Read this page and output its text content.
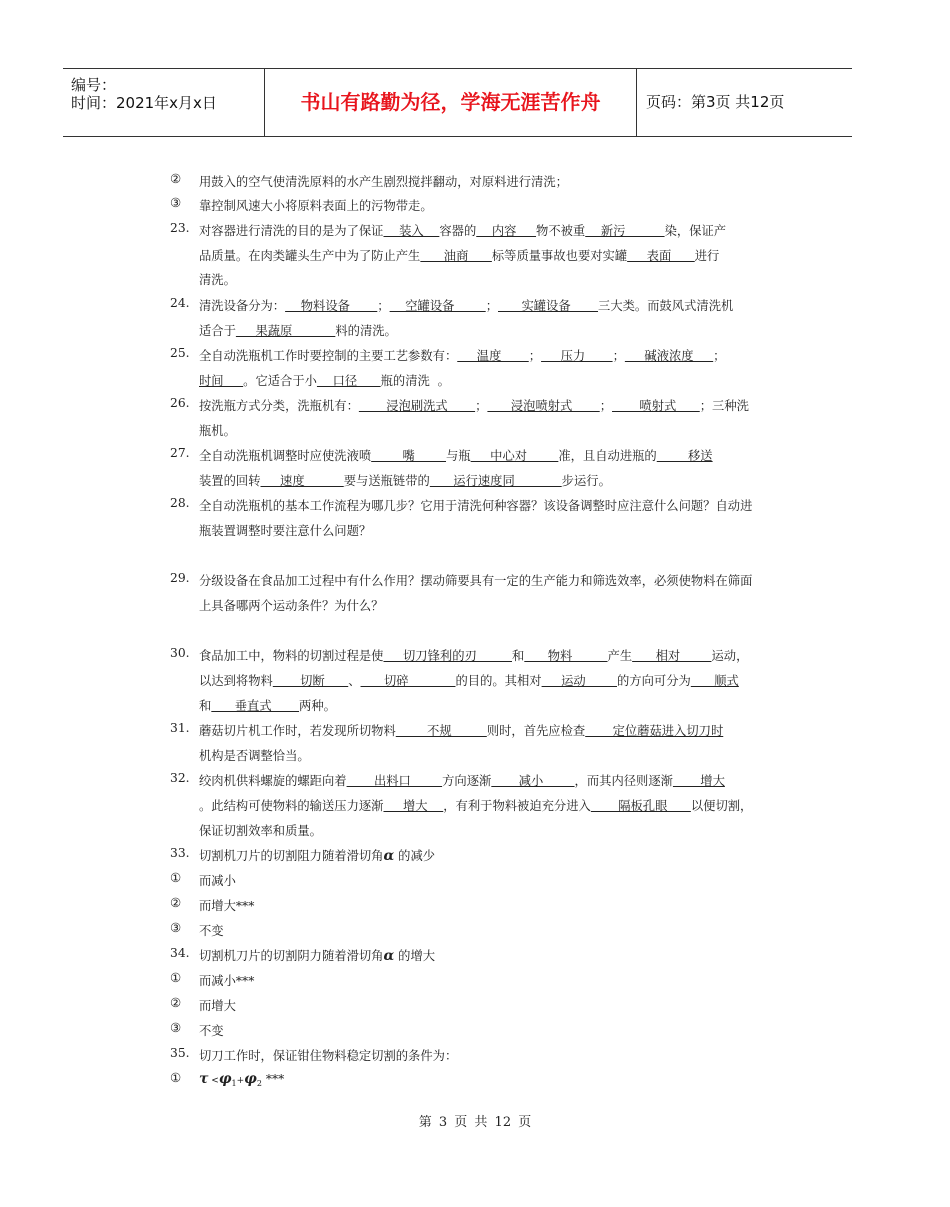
编号：
时间：2021年x月x日	书山有路勤为径，学海无涯苦作舟	页码：第3页 共12页
② 用鼓入的空气使清洗原料的水产生剧烈搅拌翻动，对原料进行清洗；
③ 靠控制风速大小将原料表面上的污物带走。
23. 对容器进行清洗的目的是为了保证    装入    容器的    内容     物不被重    新污          染，保证产
品质量。在肉类罐头生产中为了防止产生      油商      标等质量事故也要对实罐     表面      进行
清洗。
24. 清洗设备分为：    物料设备       ；    空罐设备        ；      实罐设备       三大类。而鼓风式清洗机
适合于     果蔬原           料的清洗。
25. 全自动洗瓶机工作时要控制的主要工艺参数有：     温度       ；     压力       ；     碱液浓度     ；
时间     。它适合于小    口径      瓶的清洗  。
26. 按洗瓶方式分类，洗瓶机有：       浸泡刷洗式       ；      浸泡喷射式       ；       喷射式      ；三种洗
瓶机。
27. 全自动洗瓶机调整时应使洗液喷        嘴        与瓶     中心对        准，且自动进瓶的        移送
装置的回转     速度          要与送瓶链带的      运行速度同            步运行。
28. 全自动洗瓶机的基本工作流程为哪几步？它用于清洗何种容器？该设备调整时应注意什么问题？自动进
瓶装置调整时要注意什么问题？
29. 分级设备在食品加工过程中有什么作用？摆动筛要具有一定的生产能力和筛选效率，必须使物料在筛面
上具备哪两个运动条件？为什么？
30. 食品加工中，物料的切割过程是使     切刀锋利的刃         和      物料         产生      相对        运动，
以达到将物料       切断      、      切碎            的目的。其相对     运动        的方向可分为      顺式
和      垂直式       两种。
31. 蘑菇切片机工作时，若发现所切物料        不规         则时，首先应检查       定位蘑菇进入切刀时
机构是否调整恰当。
32. 绞肉机供料螺旋的螺距向着       出料口        方向逐渐       减小        ，而其内径则逐渐       增大
。此结构可使物料的输送压力逐渐     增大    ，有利于物料被迫充分进入       隔板孔眼      以便切割，
保证切割效率和质量。
33. 切割机刀片的切割阻力随着滑切角α 的减少
① 而减小
② 而增大***
③ 不变
34. 切割机刀片的切割阴力随着滑切角α 的增大
① 而减小***
② 而增大
③ 不变
35. 切刀工作时，保证钳住物料稳定切割的条件为：
① $\tau <\varphi_1+\varphi_2$ ***
第 3 页 共 12 页
